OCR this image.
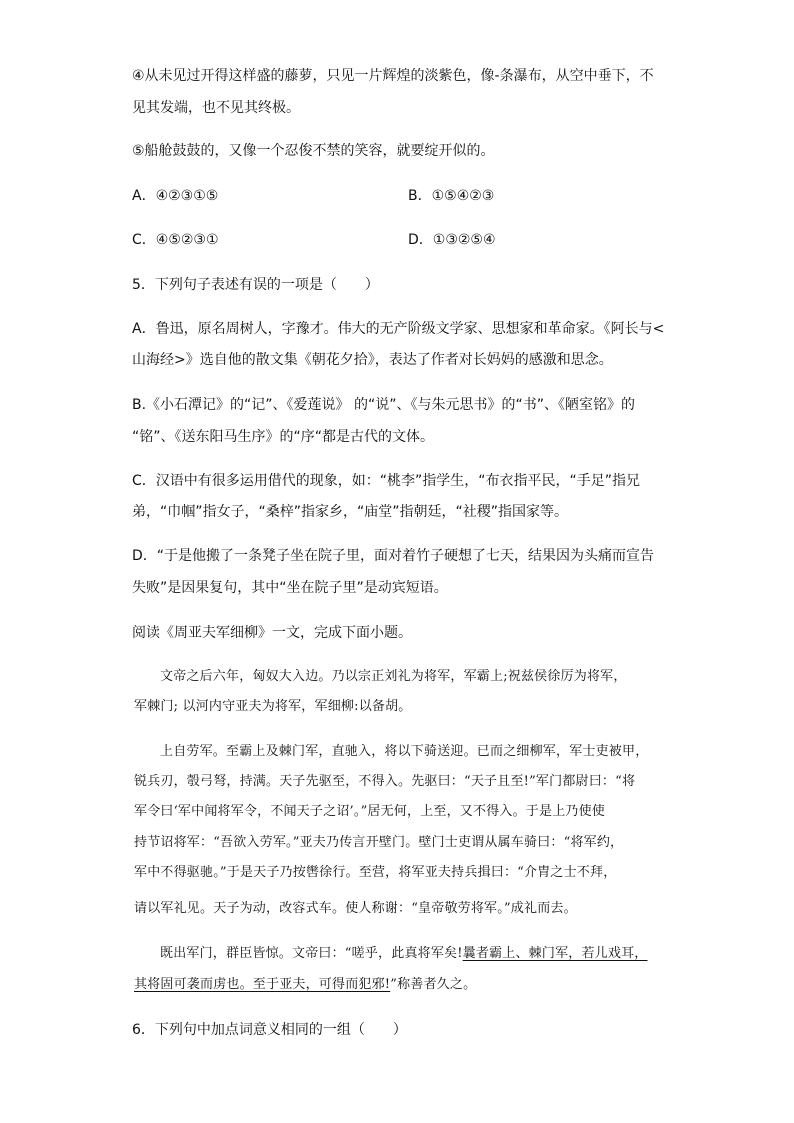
④从未见过开得这样盛的藤萝，只见一片辉煌的淡紫色，像-条瀑布，从空中垂下，不
见其发端，也不见其终极。
⑤船舱鼓鼓的，又像一个忍俊不禁的笑容，就要绽开似的。
A．④②③①⑤	B．①⑤④②③
C．④⑤②③①	D．①③②⑤④
5．下列句子表述有误的一项是（　　）
A．鲁迅，原名周树人，字豫才。伟大的无产阶级文学家、思想家和革命家。《阿长与<
山海经>》选自他的散文集《朝花夕拾》，表达了作者对长妈妈的感激和思念。
B.《小石潭记》的“记”、《爱莲说》 的“说”、《与朱元思书》的“书”、《陋室铭》的
“铭”、《送东阳马生序》的“序“都是古代的文体。
C．汉语中有很多运用借代的现象，如：“桃李”指学生，“布衣指平民，“手足”指兄
弟，“巾帼”指女子，“桑梓”指家乡，“庙堂”指朝廷，“社稷”指国家等。
D．“于是他搬了一条凳子坐在院子里，面对着竹子硬想了七天，结果因为头痛而宣告
失败”是因果复句，其中“坐在院子里”是动宾短语。
阅读《周亚夫军细柳》一文，完成下面小题。
文帝之后六年，匈奴大入边。乃以宗正刘礼为将军，军霸上;祝兹侯徐厉为将军，
军棘门; 以河内守亚夫为将军，军细柳:以备胡。
上自劳军。至霸上及棘门军，直驰入，将以下骑送迎。已而之细柳军，军士吏被甲，
锐兵刃，彀弓弩，持满。天子先驱至，不得入。先驱曰：“天子且至!”军门都尉曰：“将
军令曰‘军中闻将军令，不闻天子之诏’。”居无何，上至，又不得入。于是上乃使使
持节诏将军：“吾欲入劳军。”亚夫乃传言开壁门。壁门士吏谓从属车骑曰：“将军约，
军中不得驱驰。”于是天子乃按辔徐行。至营，将军亚夫持兵揖曰：“介胄之士不拜，
请以军礼见。天子为动，改容式车。使人称谢：“皇帝敬劳将军。”成礼而去。
既出军门，群臣皆惊。文帝曰：“嗟乎，此真将军矣!曩者霸上、棘门军，若儿戏耳，
其将固可袭而虏也。至于亚夫，可得而犯邪!”称善者久之。
6．下列句中加点词意义相同的一组（　　）
